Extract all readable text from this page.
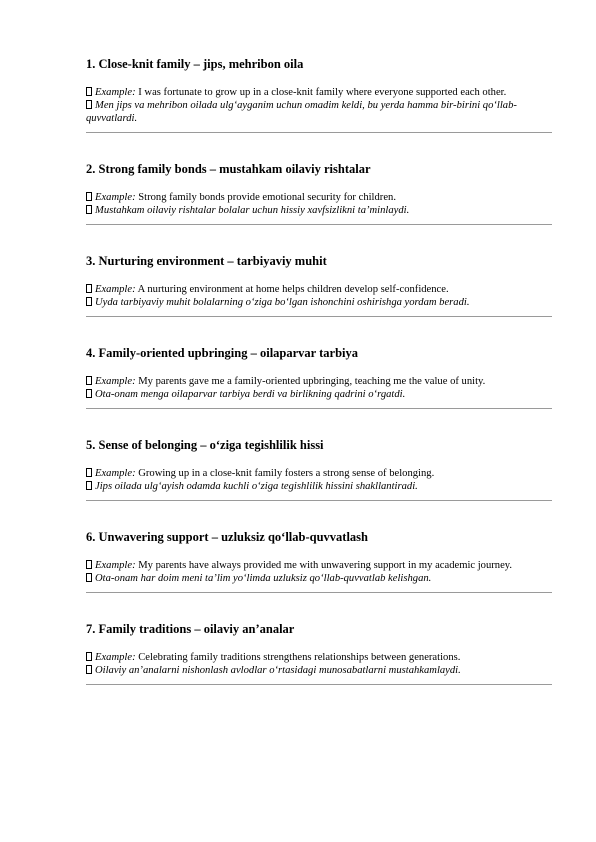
1. Close-knit family – jips, mehribon oila

Example: I was fortunate to grow up in a close-knit family where everyone supported each other.

Men jips va mehribon oilada ulg‘ayganim uchun omadim keldi, bu yerda hamma bir-birini qo‘llab-quvvatlardi.

2. Strong family bonds – mustahkam oilaviy rishtalar

Example: Strong family bonds provide emotional security for children.

Mustahkam oilaviy rishtalar bolalar uchun hissiy xavfsizlikni ta’minlaydi.

3. Nurturing environment – tarbiyaviy muhit

Example: A nurturing environment at home helps children develop self-confidence.

Uyda tarbiyaviy muhit bolalarning o‘ziga bo‘lgan ishonchini oshirishga yordam beradi.

4. Family-oriented upbringing – oilaparvar tarbiya

Example: My parents gave me a family-oriented upbringing, teaching me the value of unity.

Ota-onam menga oilaparvar tarbiya berdi va birlikning qadrini o‘rgatdi.

5. Sense of belonging – o‘ziga tegishlilik hissi

Example: Growing up in a close-knit family fosters a strong sense of belonging.

Jips oilada ulg‘ayish odamda kuchli o‘ziga tegishlilik hissini shakllantiradi.

6. Unwavering support – uzluksiz qo‘llab-quvvatlash

Example: My parents have always provided me with unwavering support in my academic journey.

Ota-onam har doim meni ta’lim yo‘limda uzluksiz qo‘llab-quvvatlab kelishgan.

7. Family traditions – oilaviy an’analar

Example: Celebrating family traditions strengthens relationships between generations.

Oilaviy an’analarni nishonlash avlodlar o‘rtasidagi munosabatlarni mustahkamlaydi.
